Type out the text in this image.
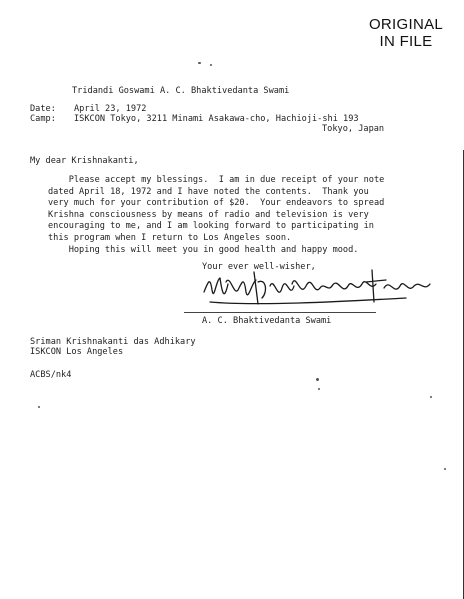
ORIGINAL
IN FILE
Tridandi Goswami A. C. Bhaktivedanta Swami
Date: April 23, 1972
Camp: ISKCON Tokyo, 3211 Minami Asakawa-cho, Hachioji-shi 193
Tokyo, Japan
My dear Krishnakanti,
Please accept my blessings.  I am in due receipt of your note
dated April 18, 1972 and I have noted the contents.  Thank you
very much for your contribution of $20.  Your endeavors to spread
Krishna consciousness by means of radio and television is very
encouraging to me, and I am looking forward to participating in
this program when I return to Los Angeles soon.
Hoping this will meet you in good health and happy mood.
Your ever well-wisher,
A. C. Bhaktivedanta Swami
Sriman Krishnakanti das Adhikary
ISKCON Los Angeles
ACBS/nk4
